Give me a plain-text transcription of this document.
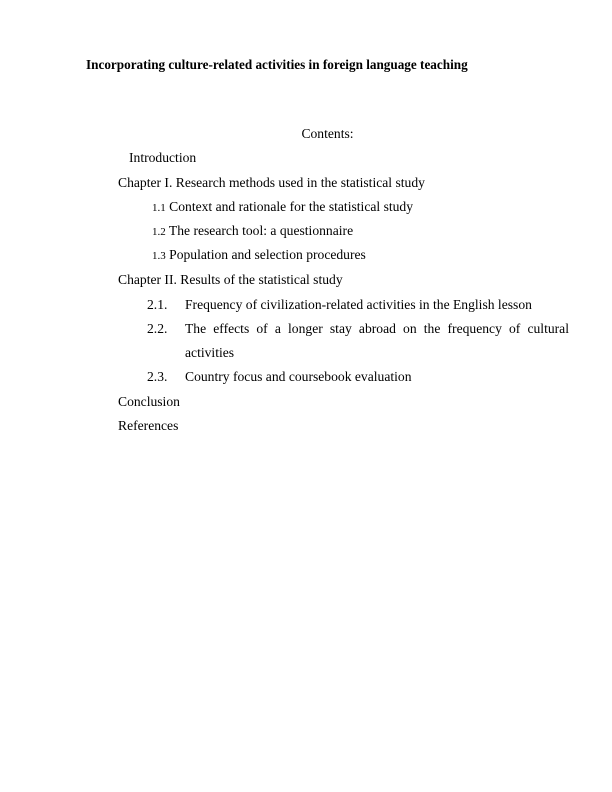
Incorporating culture-related activities in foreign language teaching
Contents:
Introduction
Chapter I. Research methods used in the statistical study
1.1 Context and rationale for the statistical study
1.2 The research tool: a questionnaire
1.3 Population and selection procedures
Chapter II. Results of the statistical study
2.1. Frequency of civilization-related activities in the English lesson
2.2. The effects of a longer stay abroad on the frequency of cultural
activities
2.3. Country focus and coursebook evaluation
Conclusion
References
